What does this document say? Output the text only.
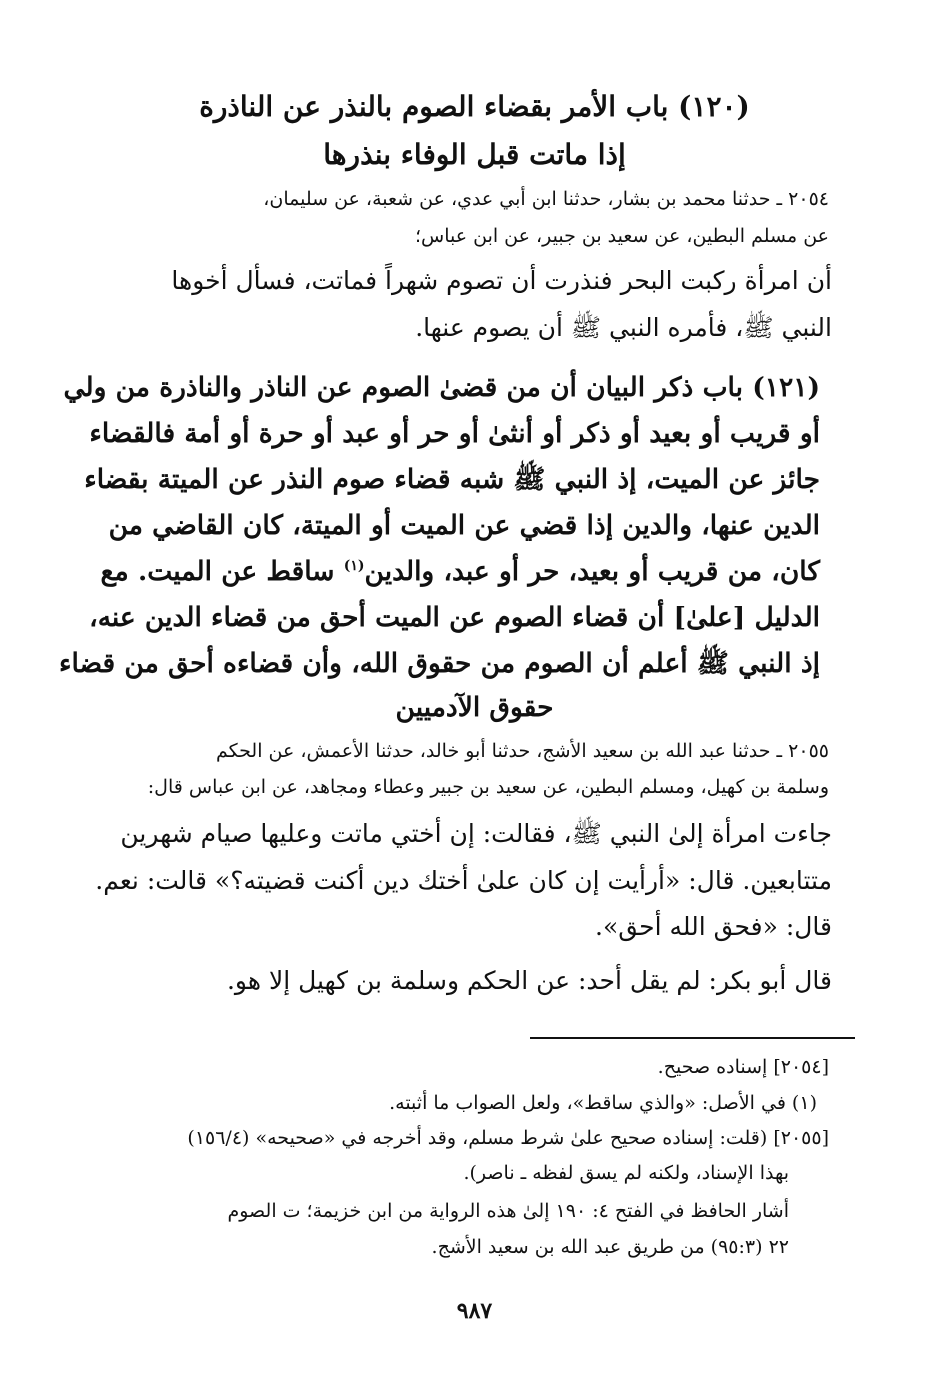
(١٢٠) باب الأمر بقضاء الصوم بالنذر عن الناذرة
إذا ماتت قبل الوفاء بنذرها
٢٠٥٤ ـ حدثنا محمد بن بشار، حدثنا ابن أبي عدي، عن شعبة، عن سليمان،
عن مسلم البطين، عن سعيد بن جبير، عن ابن عباس؛
أن امرأة ركبت البحر فنذرت أن تصوم شهراً فماتت، فسأل أخوها
النبي ﷺ، فأمره النبي ﷺ أن يصوم عنها.
(١٢١) باب ذكر البيان أن من قضىٰ الصوم عن الناذر والناذرة من ولي
أو قريب أو بعيد أو ذكر أو أنثىٰ أو حر أو عبد أو حرة أو أمة فالقضاء
جائز عن الميت، إذ النبي ﷺ شبه قضاء صوم النذر عن الميتة بقضاء
الدين عنها، والدين إذا قضي عن الميت أو الميتة، كان القاضي من
كان، من قريب أو بعيد، حر أو عبد، والدين$^{(١)}$ ساقط عن الميت. مع
الدليل [علىٰ] أن قضاء الصوم عن الميت أحق من قضاء الدين عنه،
إذ النبي ﷺ أعلم أن الصوم من حقوق الله، وأن قضاءه أحق من قضاء
حقوق الآدميين
٢٠٥٥ ـ حدثنا عبد الله بن سعيد الأشج، حدثنا أبو خالد، حدثنا الأعمش، عن الحكم
وسلمة بن كهيل، ومسلم البطين، عن سعيد بن جبير وعطاء ومجاهد، عن ابن عباس قال:
جاءت امرأة إلىٰ النبي ﷺ، فقالت: إن أختي ماتت وعليها صيام شهرين
متتابعين. قال: «أرأيت إن كان علىٰ أختك دين أكنت قضيته؟» قالت: نعم.
قال: «فحق الله أحق».
قال أبو بكر: لم يقل أحد: عن الحكم وسلمة بن كهيل إلا هو.
[٢٠٥٤] إسناده صحيح.
(١) في الأصل: «والذي ساقط»، ولعل الصواب ما أثبته.
[٢٠٥٥] (قلت: إسناده صحيح علىٰ شرط مسلم، وقد أخرجه في «صحيحه» (١٥٦/٤)
بهذا الإسناد، ولكنه لم يسق لفظه ـ ناصر).
أشار الحافظ في الفتح ٤: ١٩٠ إلىٰ هذه الرواية من ابن خزيمة؛ ت الصوم
٢٢ (٩٥:٣) من طريق عبد الله بن سعيد الأشج.
٩٨٧
